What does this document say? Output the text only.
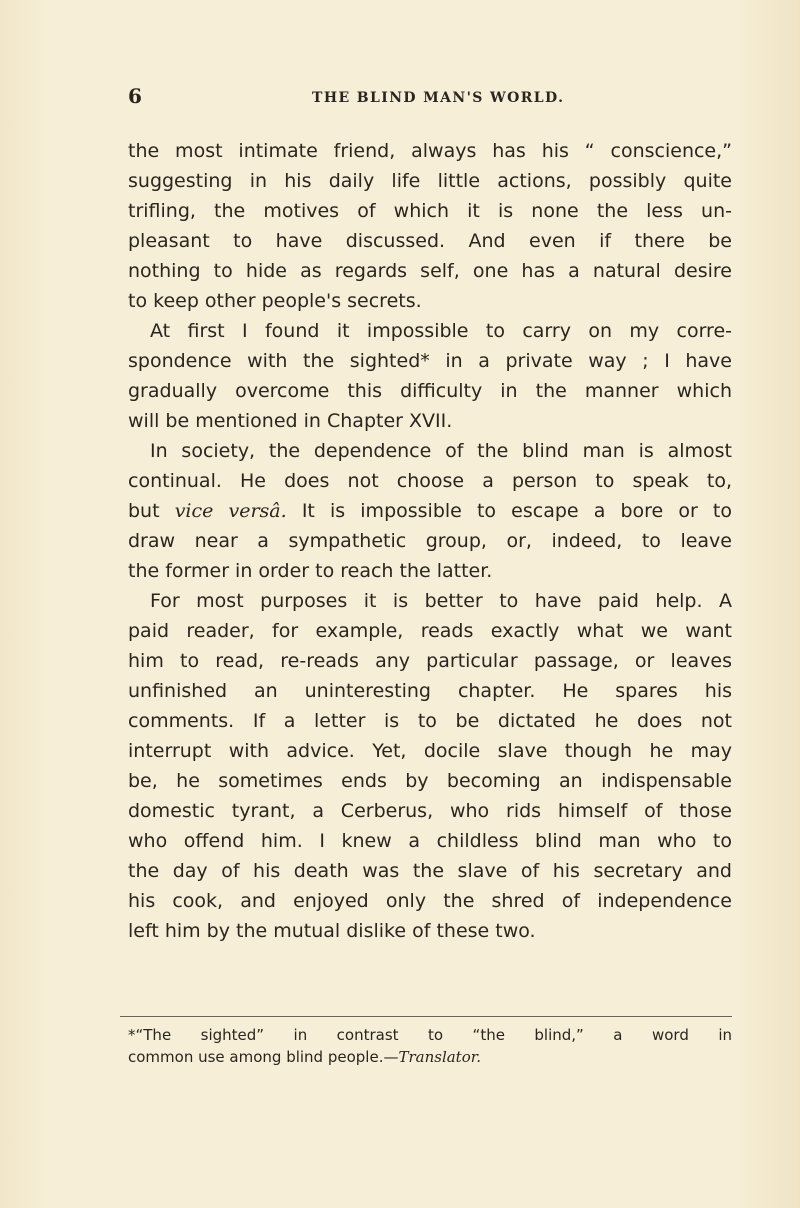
6	THE BLIND MAN'S WORLD.
the most intimate friend, always has his “ conscience,”
suggesting in his daily life little actions, possibly quite
trifling, the motives of which it is none the less un-
pleasant to have discussed. And even if there be
nothing to hide as regards self, one has a natural desire
to keep other people's secrets.
At first I found it impossible to carry on my corre-
spondence with the sighted* in a private way ; I have
gradually overcome this difficulty in the manner which
will be mentioned in Chapter XVII.
In society, the dependence of the blind man is almost
continual. He does not choose a person to speak to,
but vice versâ. It is impossible to escape a bore or to
draw near a sympathetic group, or, indeed, to leave
the former in order to reach the latter.
For most purposes it is better to have paid help. A
paid reader, for example, reads exactly what we want
him to read, re-reads any particular passage, or leaves
unfinished an uninteresting chapter. He spares his
comments. If a letter is to be dictated he does not
interrupt with advice. Yet, docile slave though he may
be, he sometimes ends by becoming an indispensable
domestic tyrant, a Cerberus, who rids himself of those
who offend him. I knew a childless blind man who to
the day of his death was the slave of his secretary and
his cook, and enjoyed only the shred of independence
left him by the mutual dislike of these two.
*“The sighted” in contrast to “the blind,” a word in
common use among blind people.—Translator.
